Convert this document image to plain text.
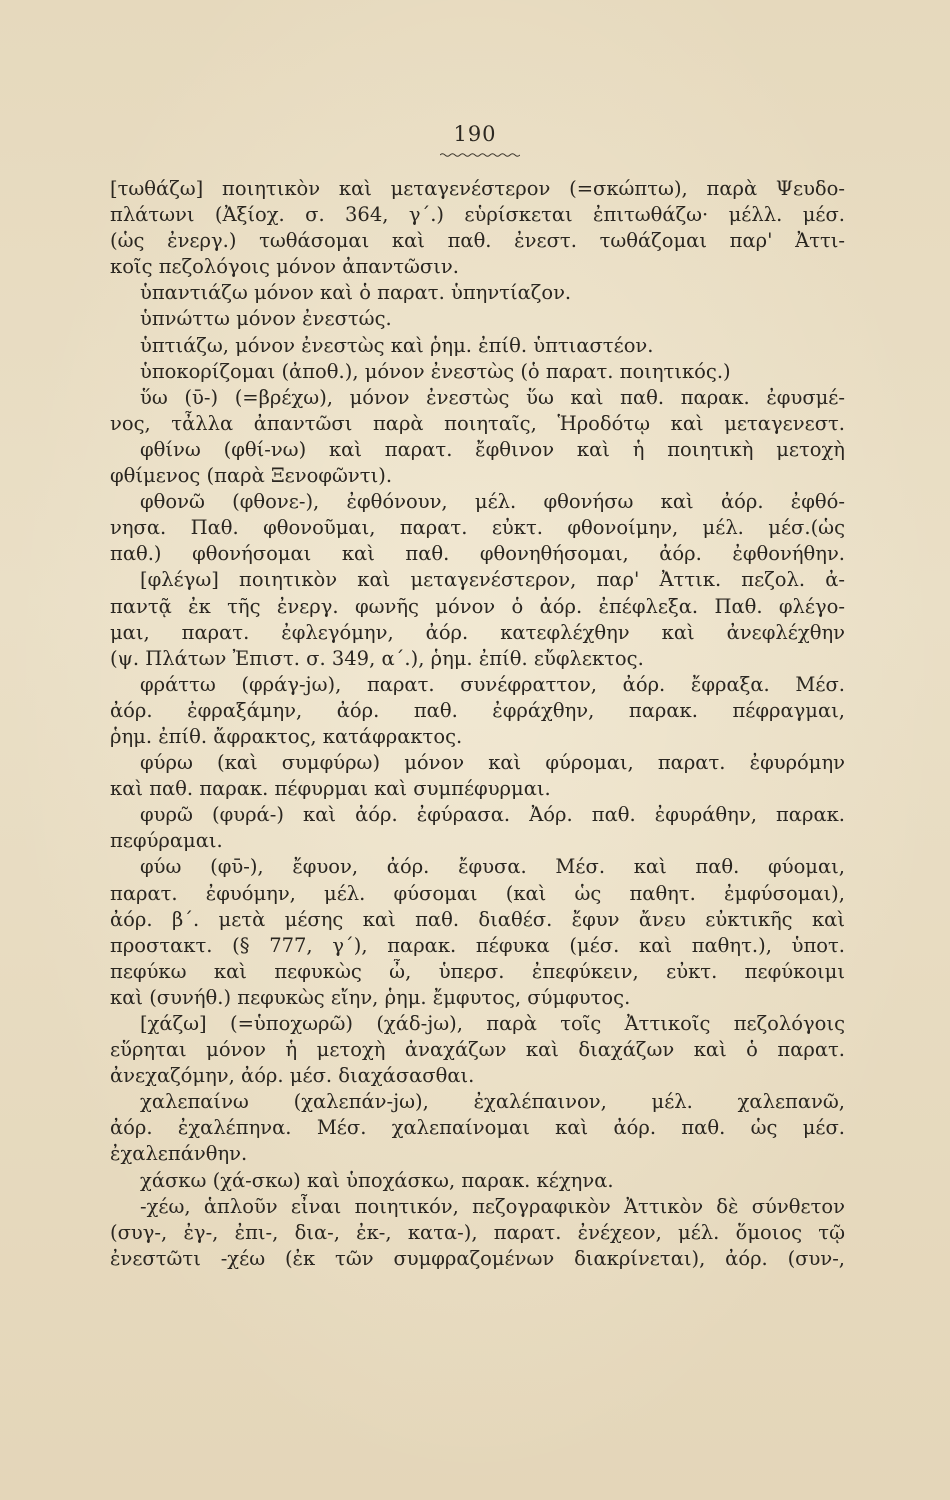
190
[τωθάζω] ποιητικὸν καὶ μεταγενέστερον (=σκώπτω), παρὰ Ψευδο-
πλάτωνι (Ἀξίοχ. σ. 364, γ΄.) εὑρίσκεται ἐπιτωθάζω· μέλλ. μέσ.
(ὡς ἐνεργ.) τωθάσομαι καὶ παθ. ἐνεστ. τωθάζομαι παρ' Ἀττι-
κοῖς πεζολόγοις μόνον ἀπαντῶσιν.
ὑπαντιάζω μόνον καὶ ὁ παρατ. ὑπηντίαζον.
ὑπνώττω μόνον ἐνεστώς.
ὑπτιάζω, μόνον ἐνεστὼς καὶ ῥημ. ἐπίθ. ὑπτιαστέον.
ὑποκορίζομαι (ἀποθ.), μόνον ἐνεστὼς (ὁ παρατ. ποιητικός.)
ὕω (ῡ-) (=βρέχω), μόνον ἐνεστὼς ὕω καὶ παθ. παρακ. ἐφυσμέ-
νος, τἆλλα ἀπαντῶσι παρὰ ποιηταῖς, Ἡροδότῳ καὶ μεταγενεστ.
φθίνω (φθί-νω) καὶ παρατ. ἔφθινον καὶ ἡ ποιητικὴ μετοχὴ
φθίμενος (παρὰ Ξενοφῶντι).
φθονῶ (φθονε-), ἐφθόνουν, μέλ. φθονήσω καὶ ἀόρ. ἐφθό-
νησα. Παθ. φθονοῦμαι, παρατ. εὐκτ. φθονοίμην, μέλ. μέσ.(ὡς
παθ.) φθονήσομαι καὶ παθ. φθονηθήσομαι, ἀόρ. ἐφθονήθην.
[φλέγω] ποιητικὸν καὶ μεταγενέστερον, παρ' Ἀττικ. πεζολ. ἀ-
παντᾷ ἐκ τῆς ἐνεργ. φωνῆς μόνον ὁ ἀόρ. ἐπέφλεξα. Παθ. φλέγο-
μαι, παρατ. ἐφλεγόμην, ἀόρ. κατεφλέχθην καὶ ἀνεφλέχθην
(ψ. Πλάτων Ἐπιστ. σ. 349, α΄.), ῥημ. ἐπίθ. εὔφλεκτος.
φράττω (φράγ-jω), παρατ. συνέφραττον, ἀόρ. ἔφραξα. Μέσ.
ἀόρ. ἐφραξάμην, ἀόρ. παθ. ἐφράχθην, παρακ. πέφραγμαι,
ῥημ. ἐπίθ. ἄφρακτος, κατάφρακτος.
φύρω (καὶ συμφύρω) μόνον καὶ φύρομαι, παρατ. ἐφυρόμην
καὶ παθ. παρακ. πέφυρμαι καὶ συμπέφυρμαι.
φυρῶ (φυρά-) καὶ ἀόρ. ἐφύρασα. Ἀόρ. παθ. ἐφυράθην, παρακ.
πεφύραμαι.
φύω (φῡ-), ἔφυον, ἀόρ. ἔφυσα. Μέσ. καὶ παθ. φύομαι,
παρατ. ἐφυόμην, μέλ. φύσομαι (καὶ ὡς παθητ. ἐμφύσομαι),
ἀόρ. β΄. μετὰ μέσης καὶ παθ. διαθέσ. ἔφυν ἄνευ εὐκτικῆς καὶ
προστακτ. (§ 777, γ΄), παρακ. πέφυκα (μέσ. καὶ παθητ.), ὑποτ.
πεφύκω καὶ πεφυκὼς ὦ, ὑπερσ. ἐπεφύκειν, εὐκτ. πεφύκοιμι
καὶ (συνήθ.) πεφυκὼς εἴην, ῥημ. ἔμφυτος, σύμφυτος.
[χάζω] (=ὑποχωρῶ) (χάδ-jω), παρὰ τοῖς Ἀττικοῖς πεζολόγοις
εὕρηται μόνον ἡ μετοχὴ ἀναχάζων καὶ διαχάζων καὶ ὁ παρατ.
ἀνεχαζόμην, ἀόρ. μέσ. διαχάσασθαι.
χαλεπαίνω (χαλεπάν-jω), ἐχαλέπαινον, μέλ. χαλεπανῶ,
ἀόρ. ἐχαλέπηνα. Μέσ. χαλεπαίνομαι καὶ ἀόρ. παθ. ὡς μέσ.
ἐχαλεπάνθην.
χάσκω (χά-σκω) καὶ ὑποχάσκω, παρακ. κέχηνα.
-χέω, ἁπλοῦν εἶναι ποιητικόν, πεζογραφικὸν Ἀττικὸν δὲ σύνθετον
(συγ-, ἐγ-, ἐπι-, δια-, ἐκ-, κατα-), παρατ. ἐνέχεον, μέλ. ὅμοιος τῷ
ἐνεστῶτι -χέω (ἐκ τῶν συμφραζομένων διακρίνεται), ἀόρ. (συν-,
